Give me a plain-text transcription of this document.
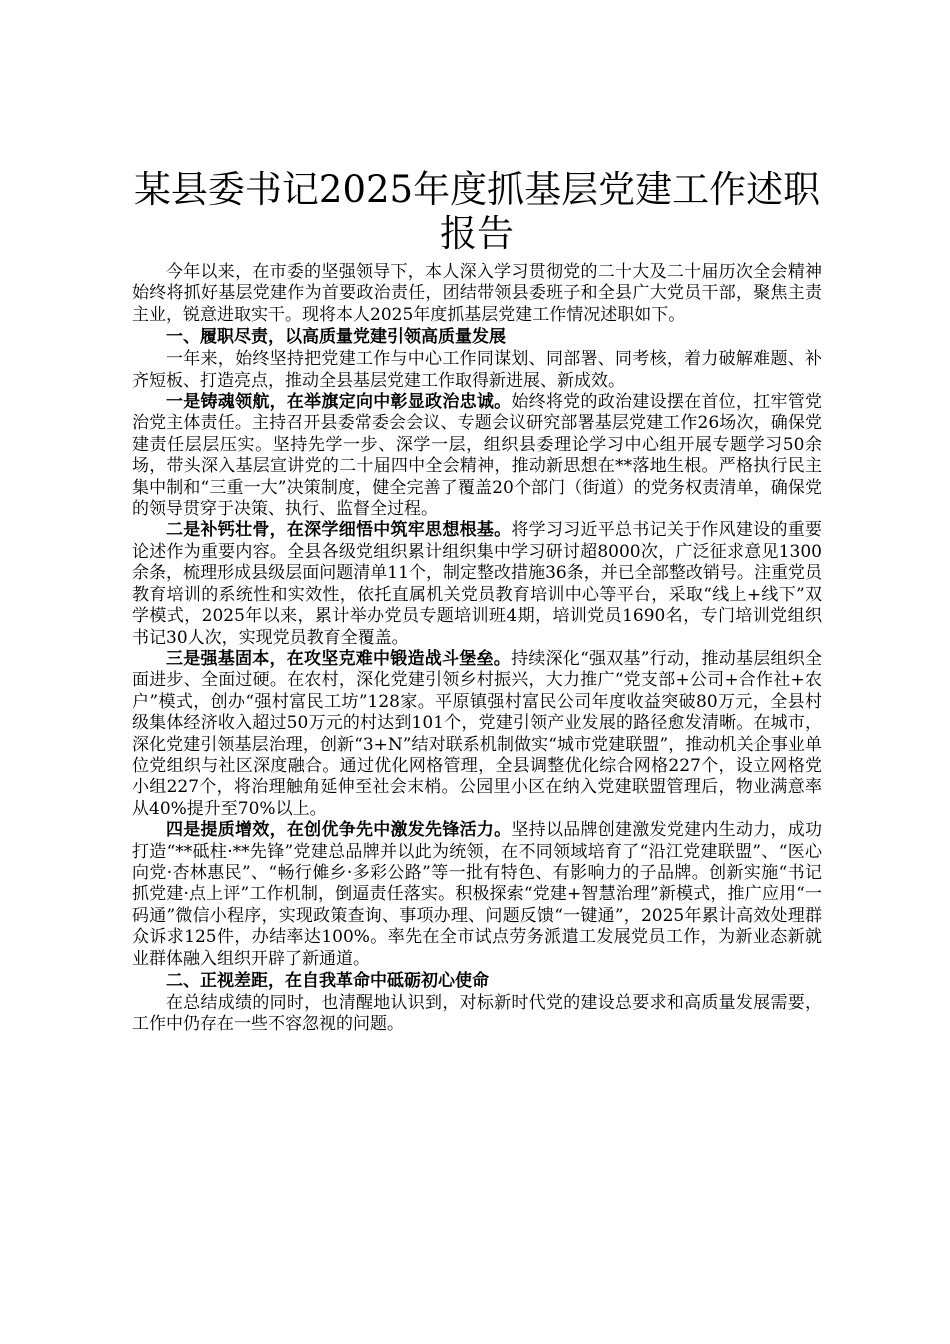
某县委书记2025年度抓基层党建工作述职报告

今年以来，在市委的坚强领导下，本人深入学习贯彻党的二十大及二十届历次全会精神始终将抓好基层党建作为首要政治责任，团结带领县委班子和全县广大党员干部，聚焦主责主业，锐意进取实干。现将本人2025年度抓基层党建工作情况述职如下。

一、履职尽责，以高质量党建引领高质量发展

一年来，始终坚持把党建工作与中心工作同谋划、同部署、同考核，着力破解难题、补齐短板、打造亮点，推动全县基层党建工作取得新进展、新成效。

一是铸魂领航，在举旗定向中彰显政治忠诚。始终将党的政治建设摆在首位，扛牢管党治党主体责任。主持召开县委常委会会议、专题会议研究部署基层党建工作26场次，确保党建责任层层压实。坚持先学一步、深学一层，组织县委理论学习中心组开展专题学习50余场，带头深入基层宣讲党的二十届四中全会精神，推动新思想在**落地生根。严格执行民主集中制和“三重一大”决策制度，健全完善了覆盖20个部门（街道）的党务权责清单，确保党的领导贯穿于决策、执行、监督全过程。

二是补钙壮骨，在深学细悟中筑牢思想根基。将学习习近平总书记关于作风建设的重要论述作为重要内容。全县各级党组织累计组织集中学习研讨超8000次，广泛征求意见1300余条，梳理形成县级层面问题清单11个，制定整改措施36条，并已全部整改销号。注重党员教育培训的系统性和实效性，依托直属机关党员教育培训中心等平台，采取“线上+线下”双学模式，2025年以来，累计举办党员专题培训班4期，培训党员1690名，专门培训党组织书记30人次，实现党员教育全覆盖。

三是强基固本，在攻坚克难中锻造战斗堡垒。持续深化“强双基”行动，推动基层组织全面进步、全面过硬。在农村，深化党建引领乡村振兴，大力推广“党支部+公司+合作社+农户”模式，创办“强村富民工坊”128家。平原镇强村富民公司年度收益突破80万元，全县村级集体经济收入超过50万元的村达到101个，党建引领产业发展的路径愈发清晰。在城市，深化党建引领基层治理，创新“3+N”结对联系机制做实“城市党建联盟”，推动机关企事业单位党组织与社区深度融合。通过优化网格管理，全县调整优化综合网格227个，设立网格党小组227个，将治理触角延伸至社会末梢。公园里小区在纳入党建联盟管理后，物业满意率从40%提升至70%以上。

四是提质增效，在创优争先中激发先锋活力。坚持以品牌创建激发党建内生动力，成功打造“**砥柱·**先锋”党建总品牌并以此为统领，在不同领域培育了“沿江党建联盟”、“医心向党·杏林惠民”、“畅行傩乡·多彩公路”等一批有特色、有影响力的子品牌。创新实施“书记抓党建·点上评”工作机制，倒逼责任落实。积极探索“党建+智慧治理”新模式，推广应用“一码通”微信小程序，实现政策查询、事项办理、问题反馈“一键通”，2025年累计高效处理群众诉求125件，办结率达100%。率先在全市试点劳务派遣工发展党员工作，为新业态新就业群体融入组织开辟了新通道。

二、正视差距，在自我革命中砥砺初心使命

在总结成绩的同时，也清醒地认识到，对标新时代党的建设总要求和高质量发展需要，工作中仍存在一些不容忽视的问题。
